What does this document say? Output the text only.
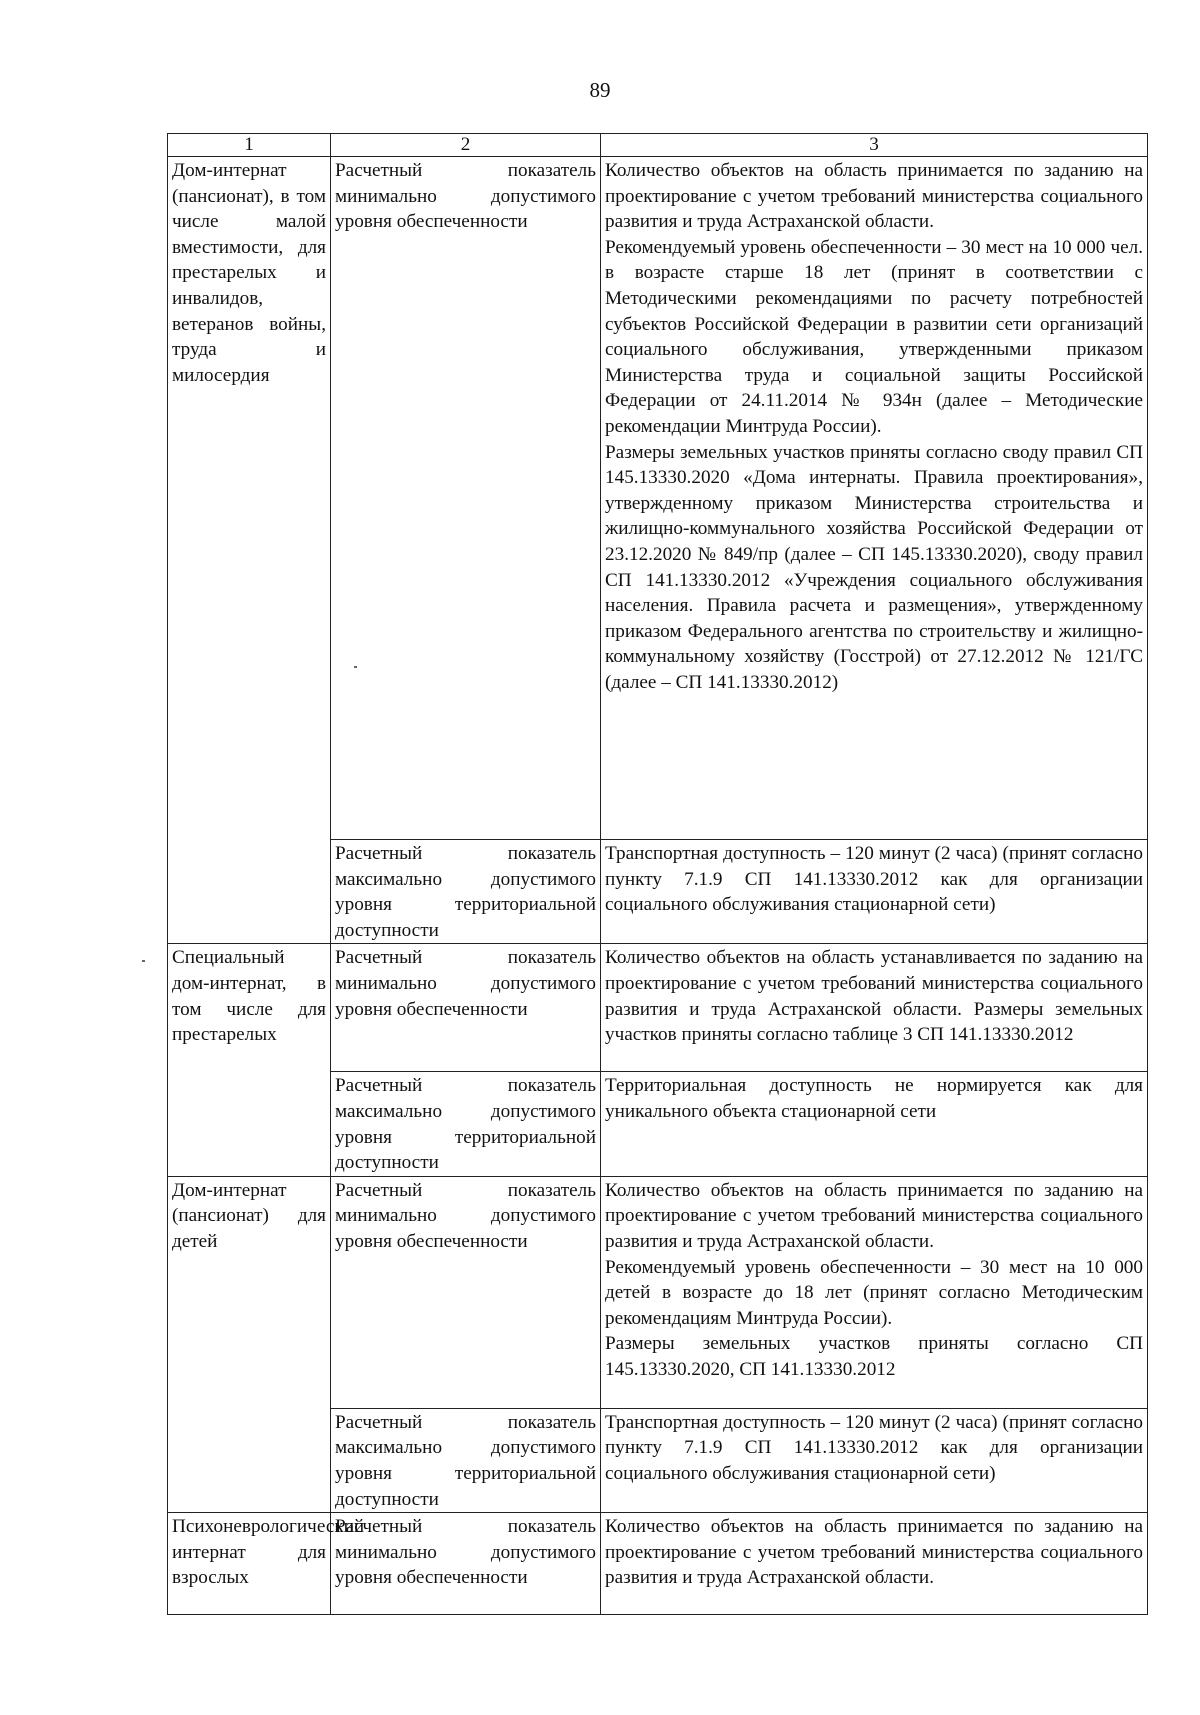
89
1	2	3
Дом-интернат (пансионат), в том числе малой вместимости, для престарелых и инвалидов, ветеранов войны, труда и милосердия	Расчетный показатель минимально допустимого уровня обеспеченности	Количество объектов на область принимается по заданию на проектирование с учетом требований министерства социального развития и труда Астраханской области.
Рекомендуемый уровень обеспеченности – 30 мест на 10 000 чел. в возрасте старше 18 лет (принят в соответствии с Методическими рекомендациями по расчету потребностей субъектов Российской Федерации в развитии сети организаций социального обслуживания, утвержденными приказом Министерства труда и социальной защиты Российской Федерации от 24.11.2014 № 934н (далее – Методические рекомендации Минтруда России).
Размеры земельных участков приняты согласно своду правил СП 145.13330.2020 «Дома интернаты. Правила проектирования», утвержденному приказом Министерства строительства и жилищно-коммунального хозяйства Российской Федерации от 23.12.2020 № 849/пр (далее – СП 145.13330.2020), своду правил СП 141.13330.2012 «Учреждения социального обслуживания населения. Правила расчета и размещения», утвержденному приказом Федерального агентства по строительству и жилищно-коммунальному хозяйству (Госстрой) от 27.12.2012 № 121/ГС (далее – СП 141.13330.2012)

	Расчетный показатель максимально допустимого уровня территориальной доступности	Транспортная доступность – 120 минут (2 часа) (принят согласно пункту 7.1.9 СП 141.13330.2012 как для организации социального обслуживания стационарной сети)

Специальный дом-интернат, в том числе для престарелых	Расчетный показатель минимально допустимого уровня обеспеченности	Количество объектов на область устанавливается по заданию на проектирование с учетом требований министерства социального развития и труда Астраханской области. Размеры земельных участков приняты согласно таблице 3 СП 141.13330.2012

	Расчетный показатель максимально допустимого уровня территориальной доступности	Территориальная доступность не нормируется как для уникального объекта стационарной сети

Дом-интернат (пансионат) для детей	Расчетный показатель минимально допустимого уровня обеспеченности	Количество объектов на область принимается по заданию на проектирование с учетом требований министерства социального развития и труда Астраханской области.
Рекомендуемый уровень обеспеченности – 30 мест на 10 000 детей в возрасте до 18 лет (принят согласно Методическим рекомендациям Минтруда России).
Размеры земельных участков приняты согласно СП 145.13330.2020, СП 141.13330.2012

	Расчетный показатель максимально допустимого уровня территориальной доступности	Транспортная доступность – 120 минут (2 часа) (принят согласно пункту 7.1.9 СП 141.13330.2012 как для организации социального обслуживания стационарной сети)

Психоневрологический интернат для взрослых	Расчетный показатель минимально допустимого уровня обеспеченности	Количество объектов на область принимается по заданию на проектирование с учетом требований министерства социального развития и труда Астраханской области.
